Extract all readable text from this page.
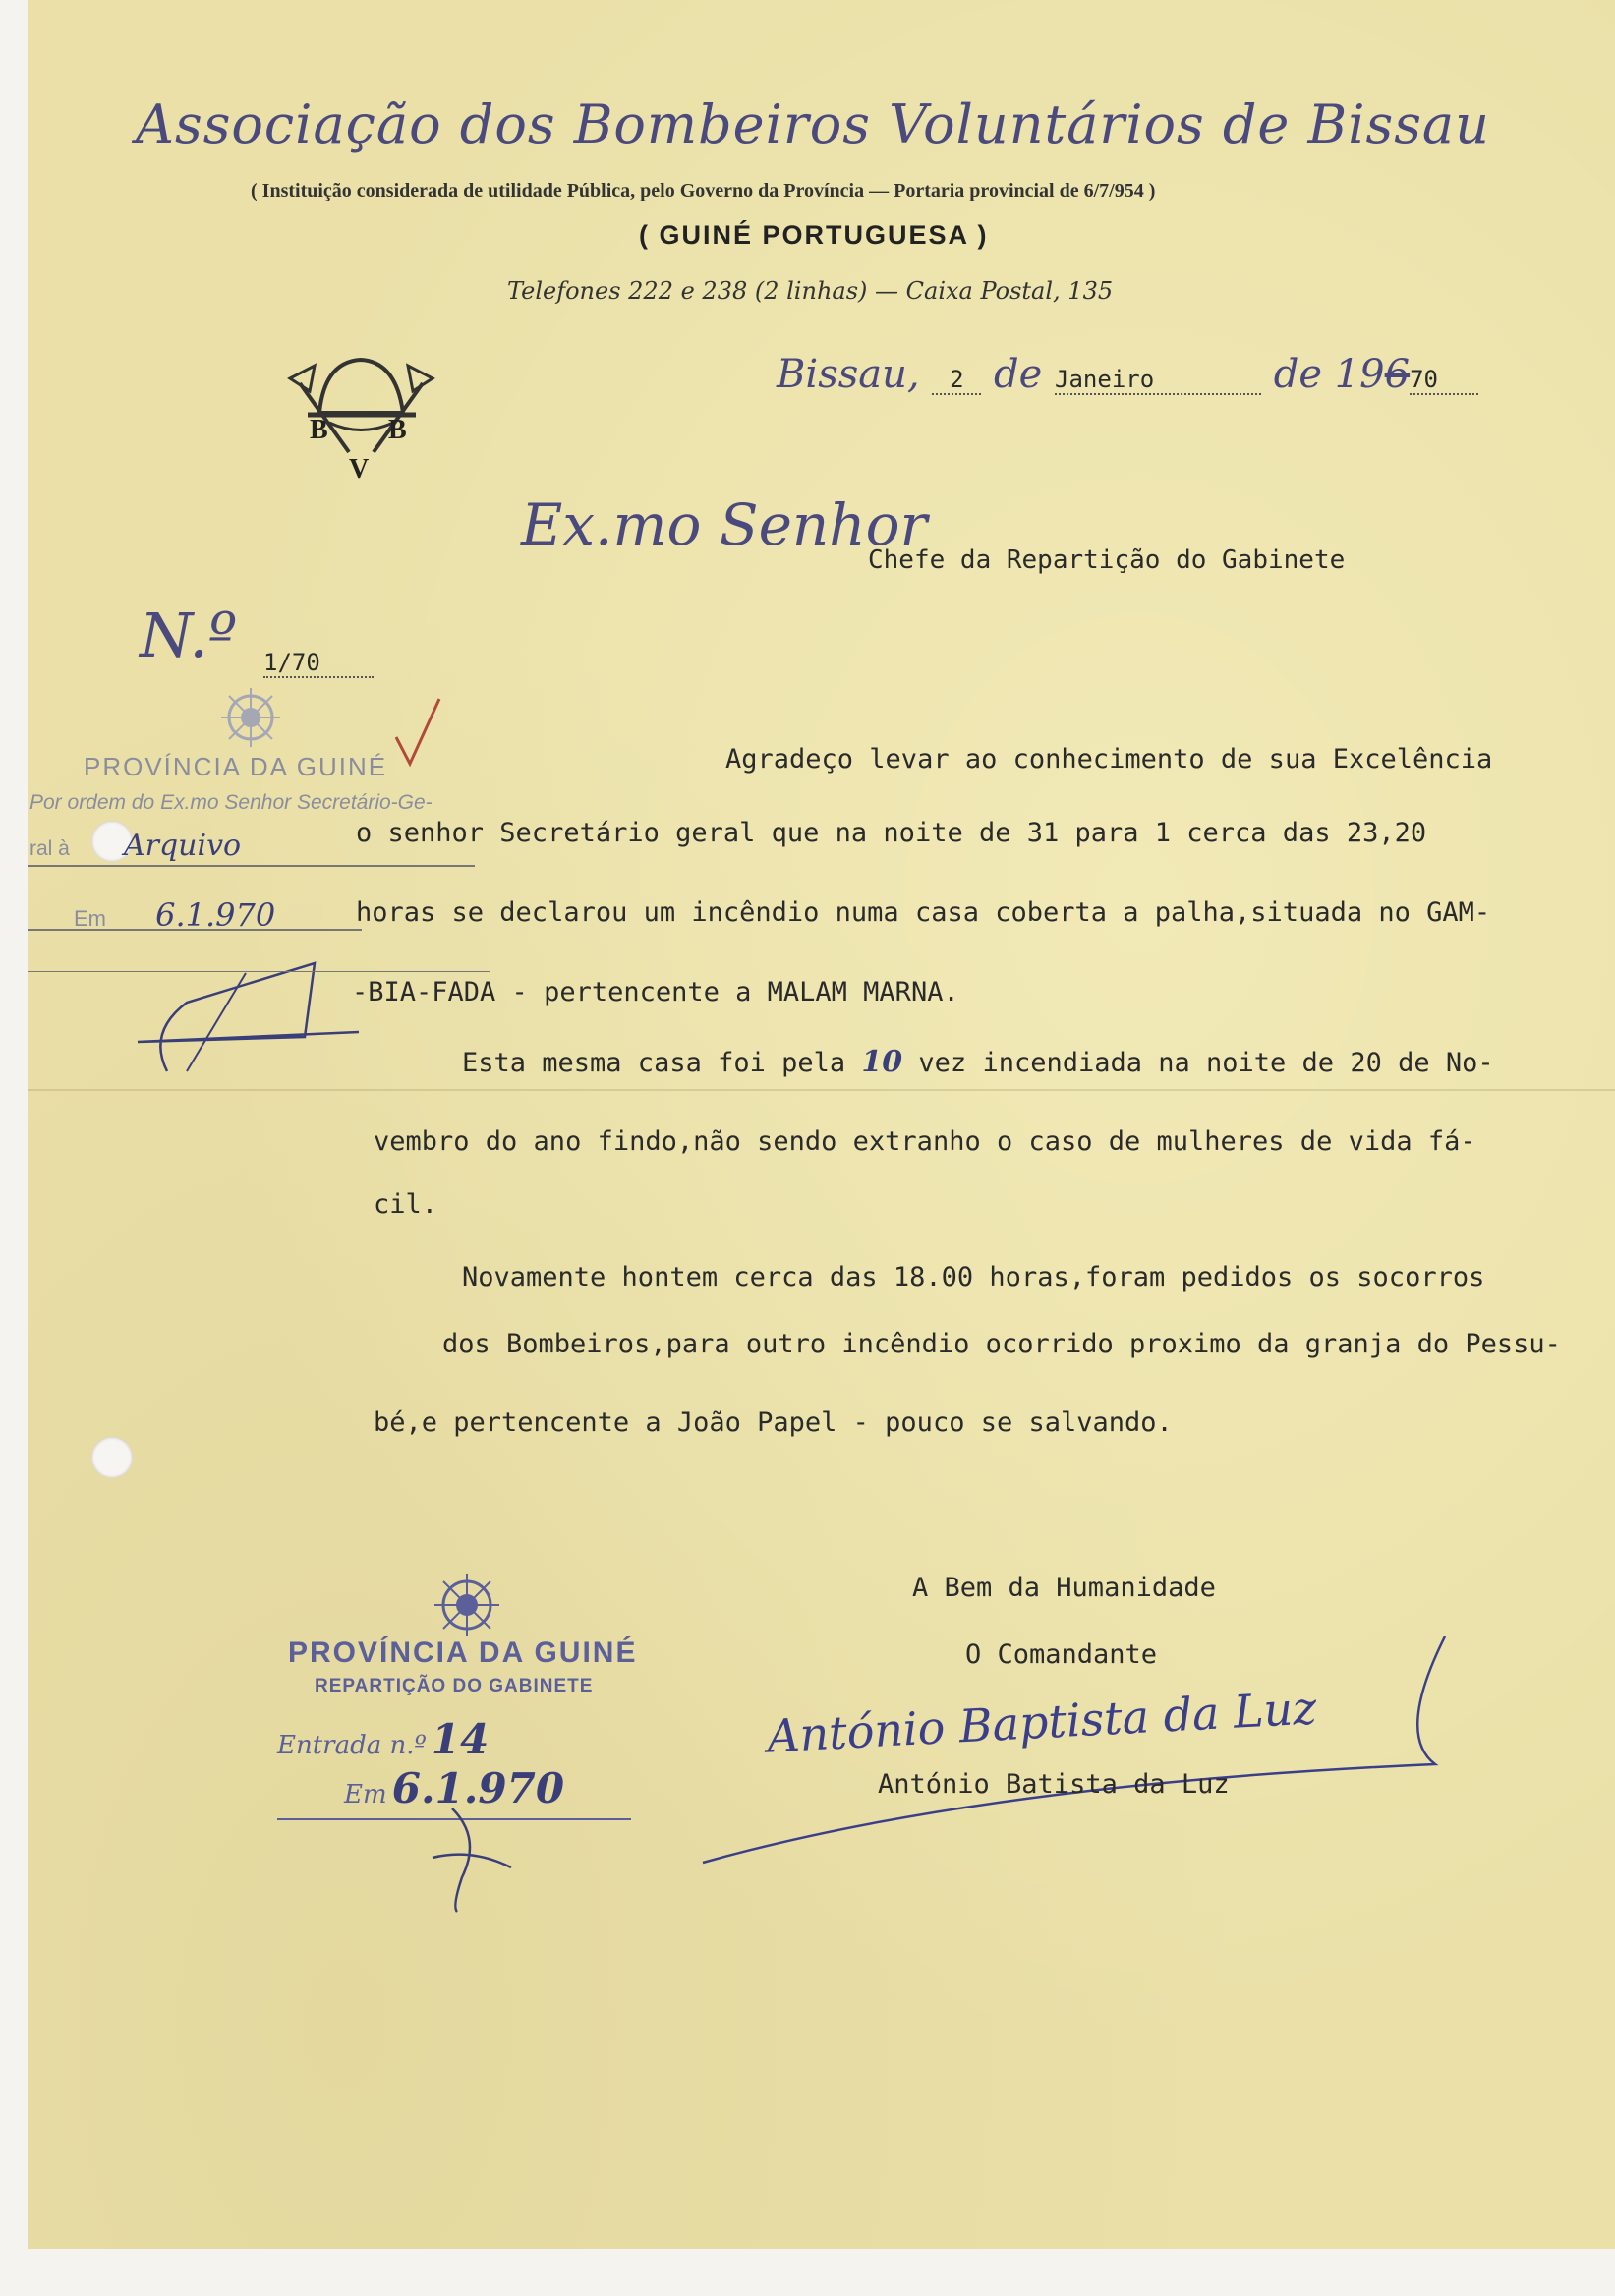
Associação dos Bombeiros Voluntários de Bissau
( Instituição considerada de utilidade Pública, pelo Governo da Província — Portaria provincial de 6/7/954 )
( GUINÉ PORTUGUESA )
Telefones 222 e 238 (2 linhas) — Caixa Postal, 135
B B
V
Bissau, 2 de Janeiro	de 19670
Ex.mo Senhor
Chefe da Repartição do Gabinete
N.º 1/70
PROVÍNCIA DA GUINÉ
Por ordem do Ex.mo Senhor Secretário-Ge-
ral à Arquivo
Em 6.1.970
Agradeço levar ao conhecimento de sua Excelência
o senhor Secretário geral que na noite de 31 para 1 cerca das 23,20
horas se declarou um incêndio numa casa coberta a palha,situada no GAM-
-BIA-FADA - pertencente a MALAM MARNA.
Esta mesma casa foi pela 10 vez incendiada na noite de 20 de No-
vembro do ano findo,não sendo extranho o caso de mulheres de vida fá-
cil.
Novamente hontem cerca das 18.00 horas,foram pedidos os socorros
dos Bombeiros,para outro incêndio ocorrido proximo da granja do Pessu-
bé,e pertencente a João Papel - pouco se salvando.
A Bem da Humanidade
O Comandante
António Baptista da Luz
António Batista da Luz
PROVÍNCIA DA GUINÉ
REPARTIÇÃO DO GABINETE
Entrada n.º 14
Em 6.1.970
